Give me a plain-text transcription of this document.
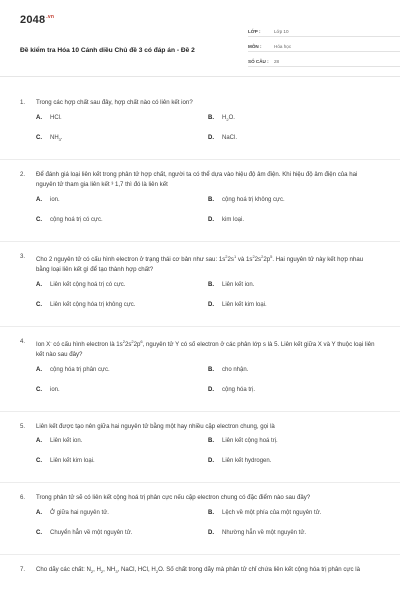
$2048^{.vn}$
Đề kiểm tra Hóa 10 Cánh diều Chủ đề 3 có đáp án - Đề 2
LỚP :	Lớp 10
MÔN :	Hóa học
SỐ CÂU :	28
1.	Trong các hợp chất sau đây, hợp chất nào có liên kết ion?
A.	HCl.	B.	$H_2O$.
C.	$NH_3$.	D.	NaCl.
2.	Để đánh giá loại liên kết trong phân tử hợp chất, người ta có thể dựa vào hiệu độ âm điện. Khi hiệu độ âm điện của hai nguyên tử tham gia liên kết ³ 1,7 thì đó là liên kết
A.	ion.	B.	cộng hoá trị không cực.
C.	cộng hoá trị có cực.	D.	kim loại.
3.	Cho 2 nguyên tử có cấu hình electron ở trạng thái cơ bản như sau: $1s^22s^1$ và $1s^22s^22p^5$. Hai nguyên tử này kết hợp nhau bằng loại liên kết gì để tạo thành hợp chất?
A.	Liên kết cộng hoá trị có cực.	B.	Liên kết ion.
C.	Liên kết cộng hóa trị không cực.	D.	Liên kết kim loại.
4.	Ion X- có cấu hình electron là $1s^22s^22p^6$, nguyên tử Y có số electron ở các phân lớp s là 5. Liên kết giữa X và Y thuộc loại liên kết nào sau đây?
A.	cộng hóa trị phân cực.	B.	cho nhận.
C.	ion.	D.	cộng hóa trị.
5.	Liên kết được tạo nên giữa hai nguyên tử bằng một hay nhiều cặp electron chung, gọi là
A.	Liên kết ion.	B.	Liên kết cộng hoá trị.
C.	Liên kết kim loại.	D.	Liên kết hydrogen.
6.	Trong phân tử sẽ có liên kết cộng hoá trị phân cực nếu cặp electron chung có đặc điểm nào sau đây?
A.	Ở giữa hai nguyên tử.	B.	Lệch về một phía của một nguyên tử.
C.	Chuyển hẳn về một nguyên tử.	D.	Nhường hẳn về một nguyên tử.
7.	Cho dãy các chất: $N_2$, $H_2$, $NH_3$, NaCl, HCl, $H_2O$. Số chất trong dãy mà phân tử chỉ chứa liên kết cộng hóa trị phân cực là
